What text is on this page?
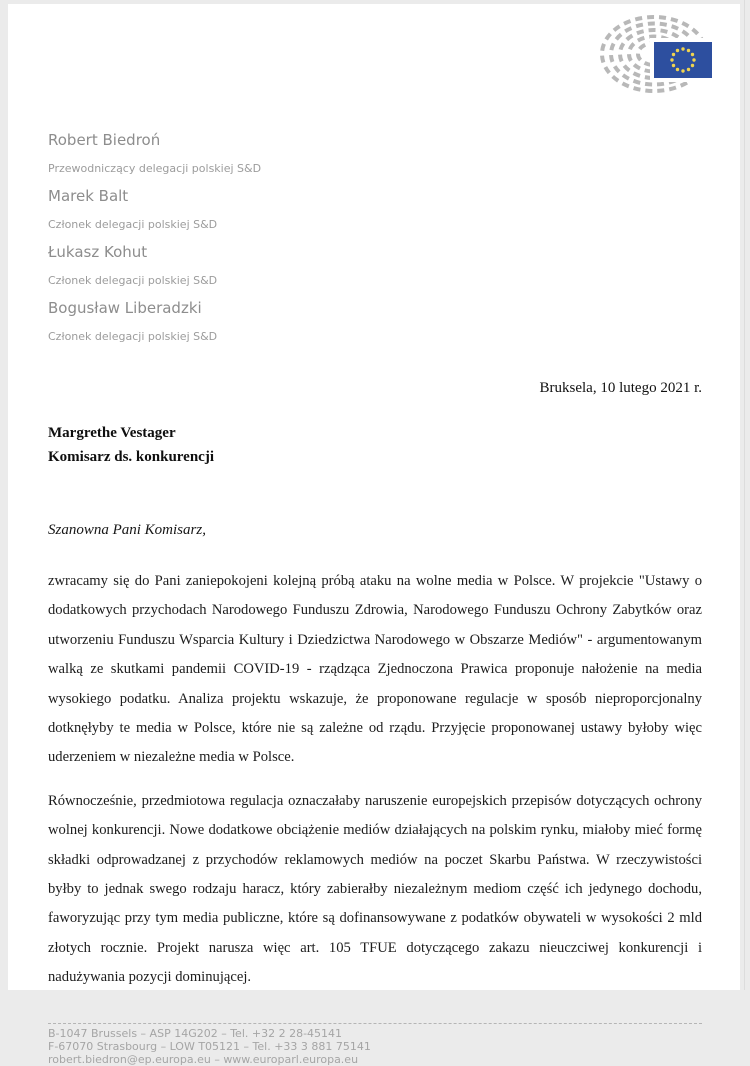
Robert Biedroń
Przewodniczący delegacji polskiej S&D
Marek Balt
Członek delegacji polskiej S&D
Łukasz Kohut
Członek delegacji polskiej S&D
Bogusław Liberadzki
Członek delegacji polskiej S&D
Bruksela, 10 lutego 2021 r.
Margrethe Vestager
Komisarz ds. konkurencji
Szanowna Pani Komisarz,

zwracamy się do Pani zaniepokojeni kolejną próbą ataku na wolne media w Polsce. W projekcie "Ustawy o dodatkowych przychodach Narodowego Funduszu Zdrowia, Narodowego Funduszu Ochrony Zabytków oraz utworzeniu Funduszu Wsparcia Kultury i Dziedzictwa Narodowego w Obszarze Mediów" - argumentowanym walką ze skutkami pandemii COVID-19 - rządząca Zjednoczona Prawica proponuje nałożenie na media wysokiego podatku. Analiza projektu wskazuje, że proponowane regulacje w sposób nieproporcjonalny dotknęłyby te media w Polsce, które nie są zależne od rządu. Przyjęcie proponowanej ustawy byłoby więc uderzeniem w niezależne media w Polsce.

Równocześnie, przedmiotowa regulacja oznaczałaby naruszenie europejskich przepisów dotyczących ochrony wolnej konkurencji. Nowe dodatkowe obciążenie mediów działających na polskim rynku, miałoby mieć formę składki odprowadzanej z przychodów reklamowych mediów na poczet Skarbu Państwa. W rzeczywistości byłby to jednak swego rodzaju haracz, który zabierałby niezależnym mediom część ich jedynego dochodu, faworyzując przy tym media publiczne, które są dofinansowywane z podatków obywateli w wysokości 2 mld złotych rocznie. Projekt narusza więc art. 105 TFUE dotyczącego zakazu nieuczciwej konkurencji i nadużywania pozycji dominującej.

B-1047 Brussels – ASP 14G202 – Tel. +32 2 28-45141
F-67070 Strasbourg – LOW T05121 – Tel. +33 3 881 75141
robert.biedron@ep.europa.eu – www.europarl.europa.eu
